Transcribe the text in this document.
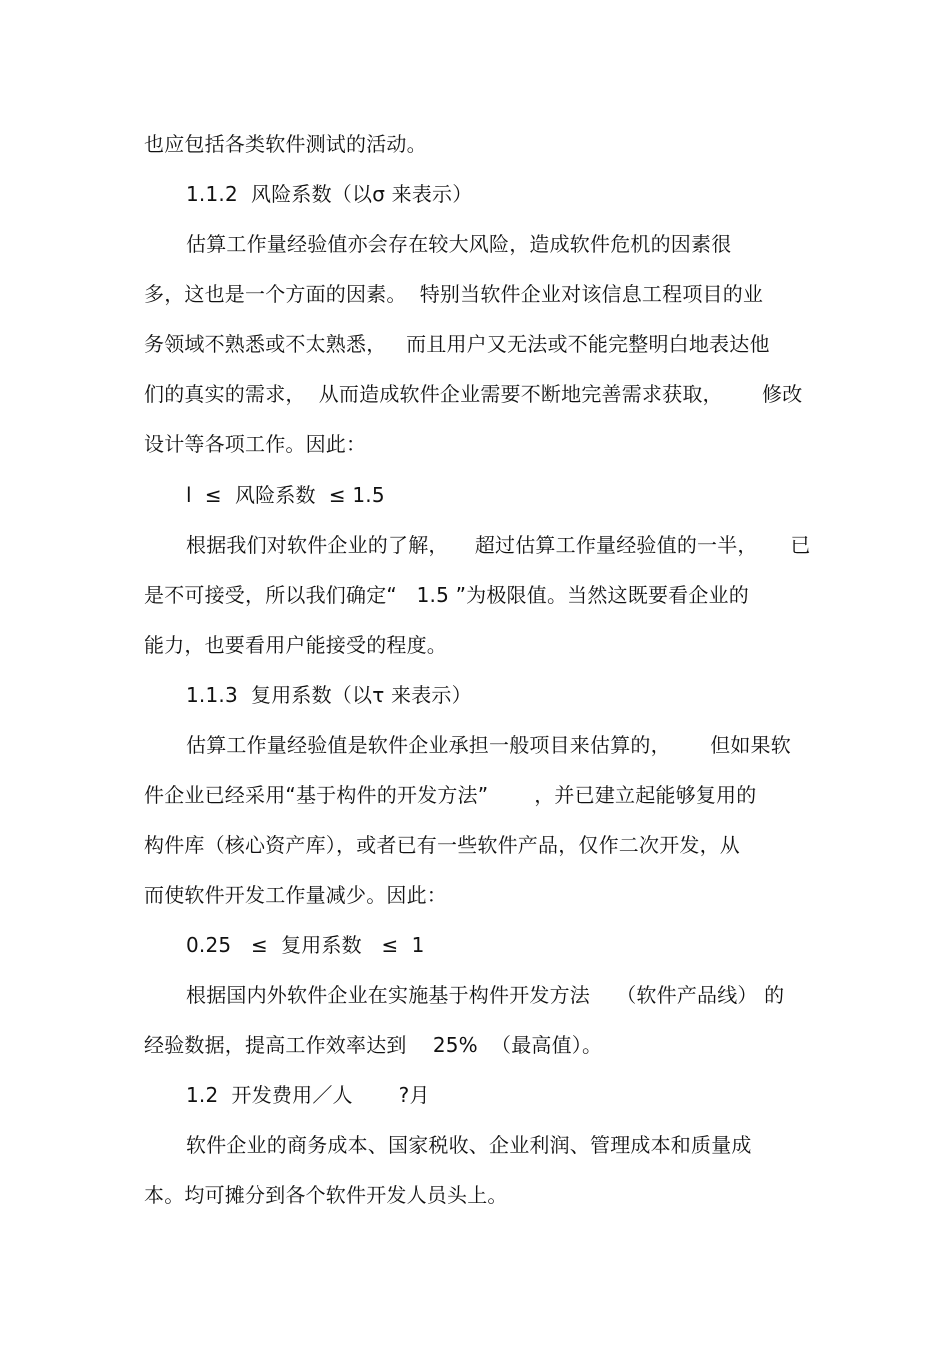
也应包括各类软件测试的活动。
1.1.2  风险系数（以σ 来表示）
估算工作量经验值亦会存在较大风险，造成软件危机的因素很
多，这也是一个方面的因素。  特别当软件企业对该信息工程项目的业
务领域不熟悉或不太熟悉，   而且用户又无法或不能完整明白地表达他
们的真实的需求，  从而造成软件企业需要不断地完善需求获取，      修改
设计等各项工作。因此：
l  ≤  风险系数  ≤ 1.5
根据我们对软件企业的了解，    超过估算工作量经验值的一半，     已
是不可接受，所以我们确定“   1.5 ”为极限值。当然这既要看企业的
能力，也要看用户能接受的程度。
1.1.3  复用系数（以τ 来表示）
估算工作量经验值是软件企业承担一般项目来估算的，      但如果软
件企业已经采用“基于构件的开发方法”       ，并已建立起能够复用的
构件库（核心资产库），或者已有一些软件产品，仅作二次开发，从
而使软件开发工作量减少。因此：
0.25   ≤  复用系数   ≤  1
根据国内外软件企业在实施基于构件开发方法    （软件产品线） 的
经验数据，提高工作效率达到    25%  （最高值）。
1.2  开发费用／人       ?月
软件企业的商务成本、国家税收、企业利润、管理成本和质量成
本。均可摊分到各个软件开发人员头上。
